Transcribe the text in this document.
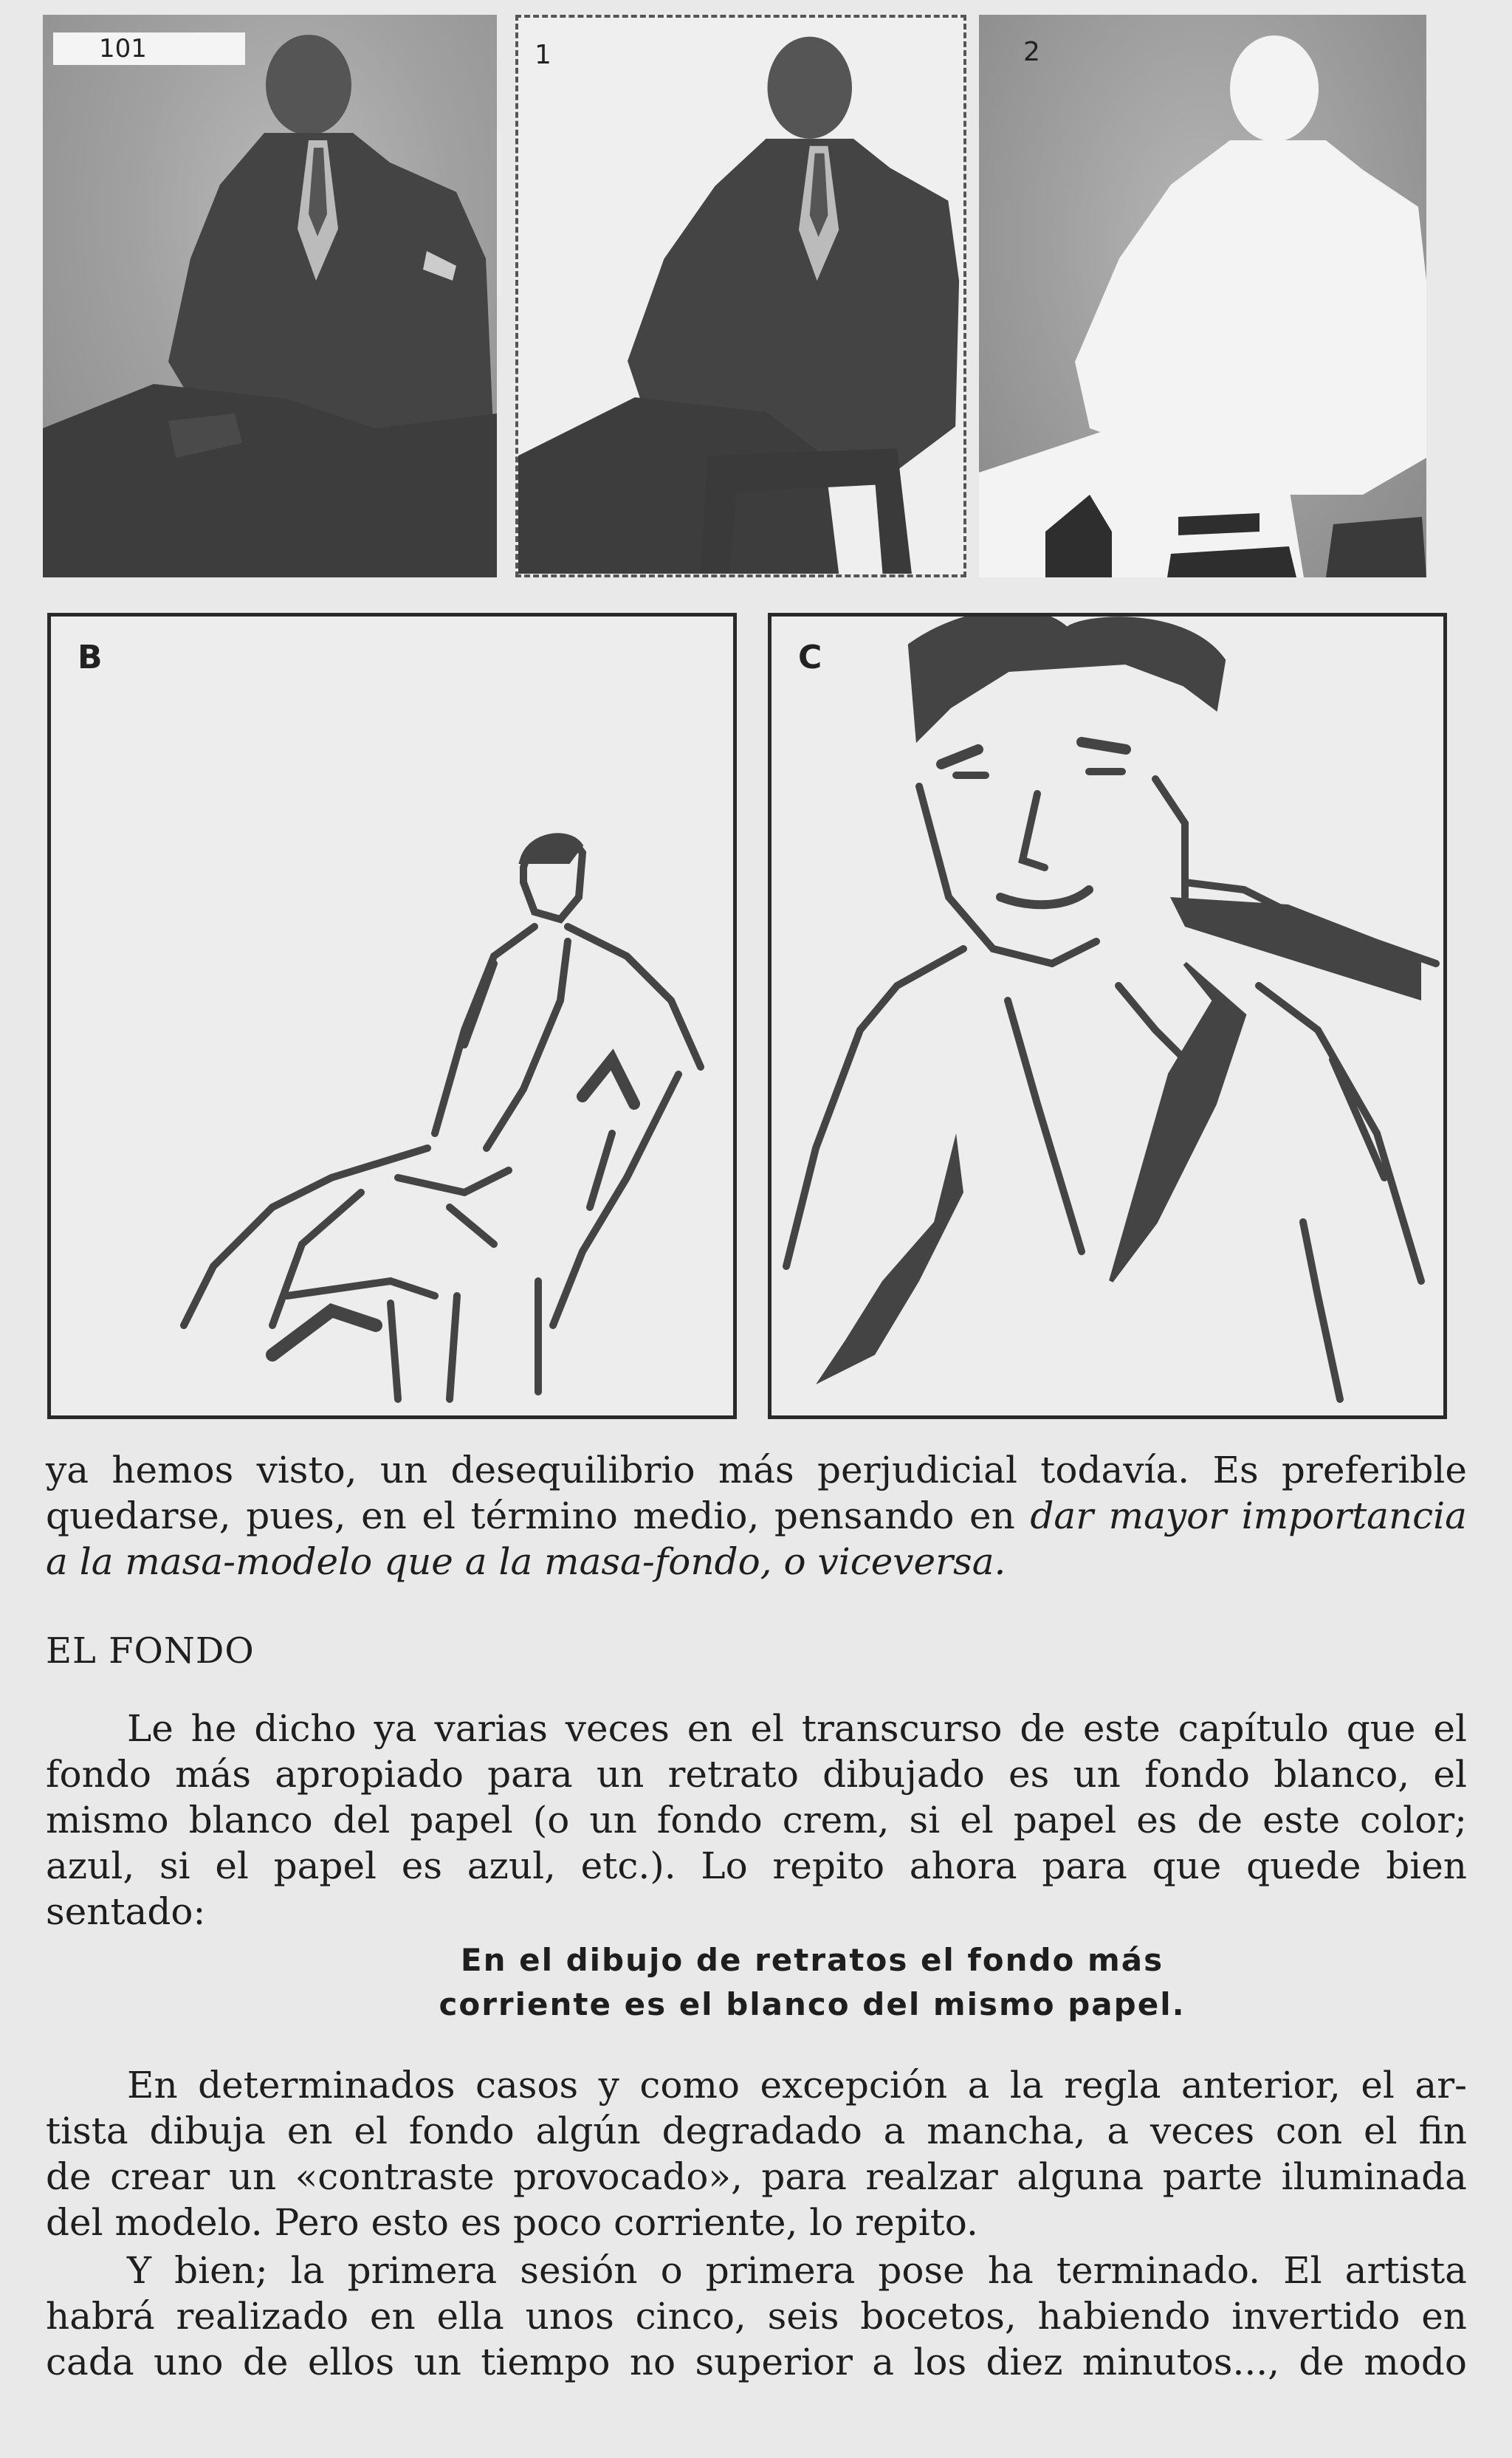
101	1	2
B	C
ya hemos visto, un desequilibrio más perjudicial todavía. Es preferible
quedarse, pues, en el término medio, pensando en dar mayor importancia
a la masa-modelo que a la masa-fondo, o viceversa.
EL FONDO
Le he dicho ya varias veces en el transcurso de este capítulo que el
fondo más apropiado para un retrato dibujado es un fondo blanco, el
mismo blanco del papel (o un fondo crem, si el papel es de este color;
azul, si el papel es azul, etc.). Lo repito ahora para que quede bien
sentado:
En el dibujo de retratos el fondo más
corriente es el blanco del mismo papel.
En determinados casos y como excepción a la regla anterior, el ar-
tista dibuja en el fondo algún degradado a mancha, a veces con el fin
de crear un «contraste provocado», para realzar alguna parte iluminada
del modelo. Pero esto es poco corriente, lo repito.
Y bien; la primera sesión o primera pose ha terminado. El artista
habrá realizado en ella unos cinco, seis bocetos, habiendo invertido en
cada uno de ellos un tiempo no superior a los diez minutos..., de modo
